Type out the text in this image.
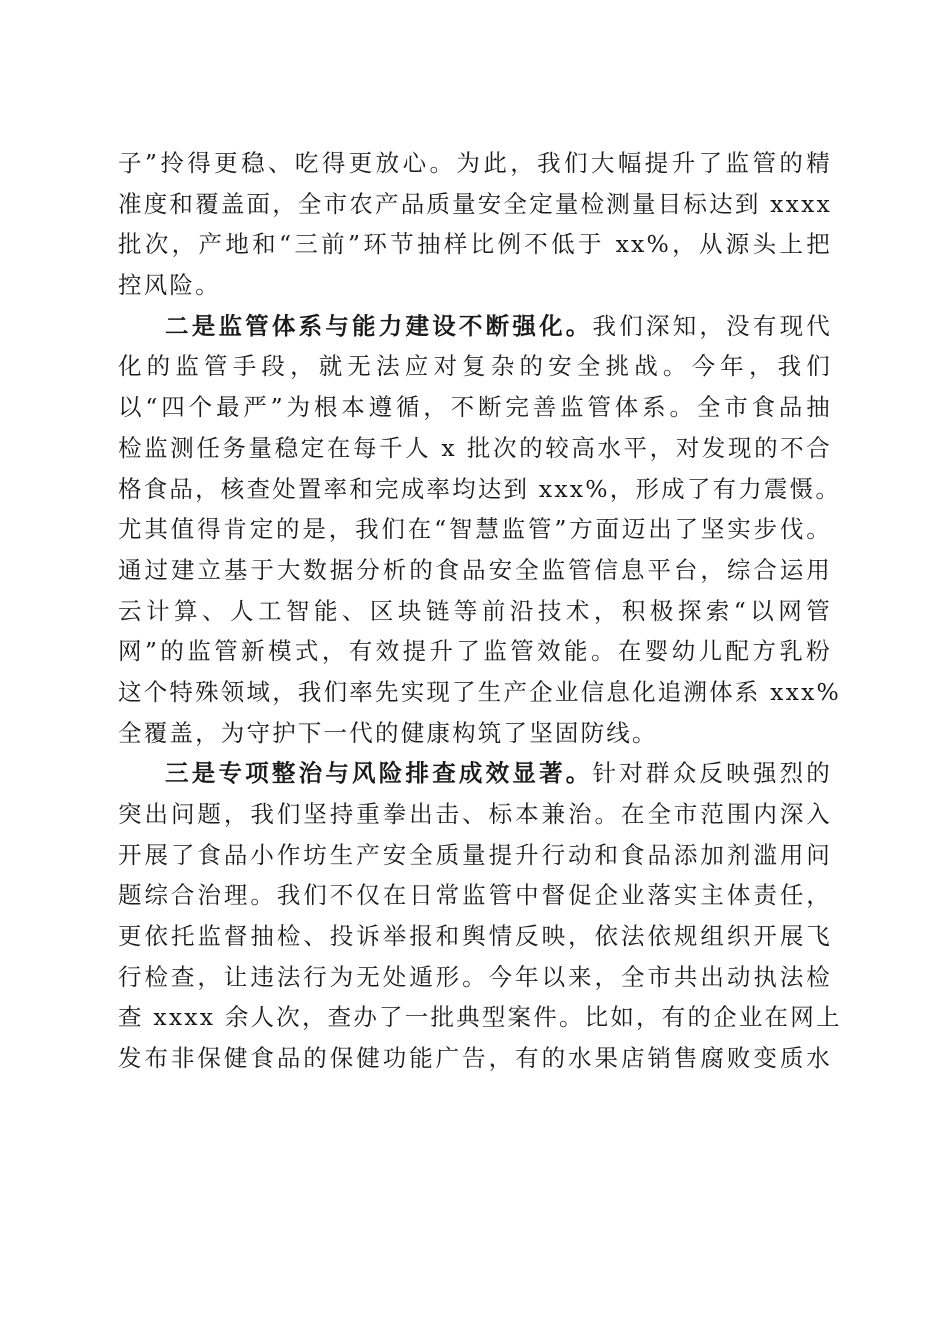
子”拎得更稳、吃得更放心。为此，我们大幅提升了监管的精
准度和覆盖面，全市农产品质量安全定量检测量目标达到 xxxx
批次，产地和“三前”环节抽样比例不低于 xx%，从源头上把
控风险。
二是监管体系与能力建设不断强化。我们深知，没有现代
化的监管手段，就无法应对复杂的安全挑战。今年，我们
以“四个最严”为根本遵循，不断完善监管体系。全市食品抽
检监测任务量稳定在每千人 x 批次的较高水平，对发现的不合
格食品，核查处置率和完成率均达到 xxx%，形成了有力震慑。
尤其值得肯定的是，我们在“智慧监管”方面迈出了坚实步伐。
通过建立基于大数据分析的食品安全监管信息平台，综合运用
云计算、人工智能、区块链等前沿技术，积极探索“以网管
网”的监管新模式，有效提升了监管效能。在婴幼儿配方乳粉
这个特殊领域，我们率先实现了生产企业信息化追溯体系 xxx%
全覆盖，为守护下一代的健康构筑了坚固防线。
三是专项整治与风险排查成效显著。针对群众反映强烈的
突出问题，我们坚持重拳出击、标本兼治。在全市范围内深入
开展了食品小作坊生产安全质量提升行动和食品添加剂滥用问
题综合治理。我们不仅在日常监管中督促企业落实主体责任，
更依托监督抽检、投诉举报和舆情反映，依法依规组织开展飞
行检查，让违法行为无处遁形。今年以来，全市共出动执法检
查 xxxx 余人次，查办了一批典型案件。比如，有的企业在网上
发布非保健食品的保健功能广告，有的水果店销售腐败变质水
